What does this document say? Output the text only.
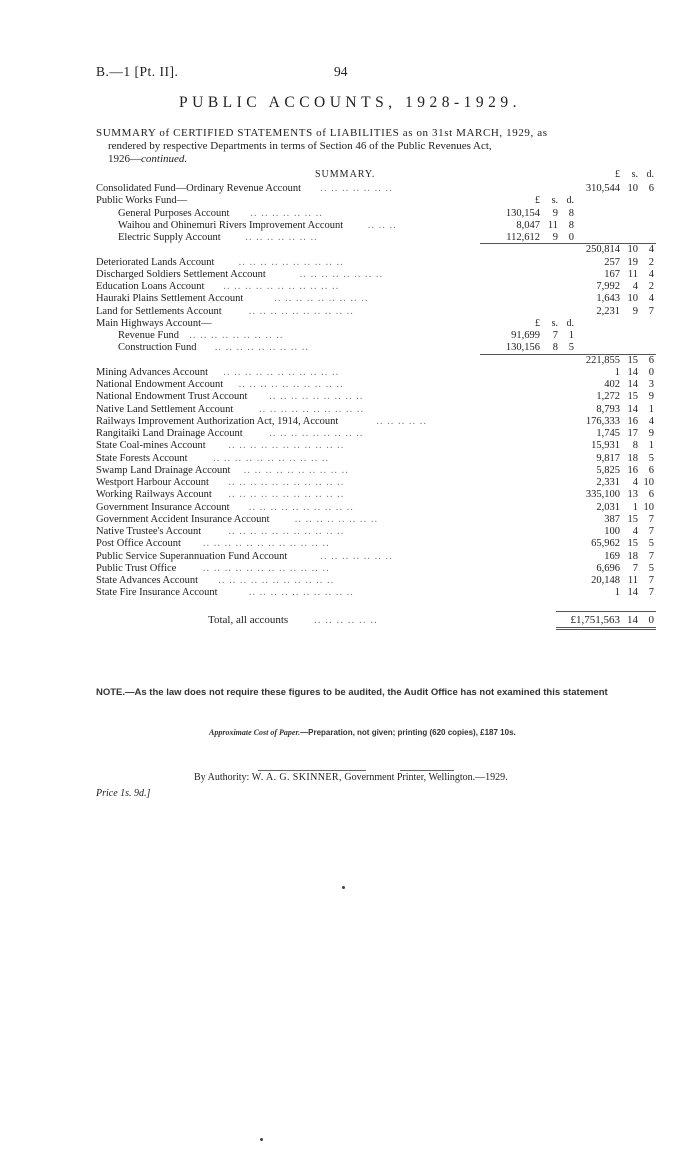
B.—1 [Pt. II].	94
PUBLIC ACCOUNTS, 1928-1929.
SUMMARY of CERTIFIED STATEMENTS of LIABILITIES as on 31st MARCH, 1929, as
rendered by respective Departments in terms of Section 46 of the Public Revenues Act,
1926—continued.
SUMMARY.	£	s. d.
Consolidated Fund—Ordinary Revenue Account .. .. .. .. .. .. ..	310,544 10	6
Public Works Fund—
General Purposes Account .. .. .. .. .. .. ..	130,154	9	8
Waihou and Ohinemuri Rivers Improvement Account .. .. ..	8,047 11	8
Electric Supply Account .. .. .. .. .. .. ..	112,612	9	0
250,814 10	4
Deteriorated Lands Account .. .. .. .. .. .. .. .. .. ..	257 19	2
Discharged Soldiers Settlement Account	.. .. .. .. .. .. .. ..	167 11	4
Education Loans Account .. .. .. .. .. .. .. .. .. .. ..	7,992	4	2
Hauraki Plains Settlement Account	.. .. .. .. .. .. .. .. ..	1,643 10	4
Land for Settlements Account	.. .. .. .. .. .. .. .. .. ..	2,231	9	7
Main Highways Account—
Revenue Fund .. .. .. .. .. .. .. .. ..	91,699	7	1
Construction Fund .. .. .. .. .. .. .. .. ..	130,156	8	5
221,855 15	6
Mining Advances Account .. .. .. .. .. .. .. .. .. .. ..	1 14	0
National Endowment Account .. .. .. .. .. .. .. .. .. ..	402 14	3
National Endowment Trust Account .. .. .. .. .. .. .. .. ..	1,272 15	9
Native Land Settlement Account .. .. .. .. .. .. .. .. .. ..	8,793 14	1
Railways Improvement Authorization Act, 1914, Account	.. .. .. .. ..	176,333 16	4
Rangitaiki Land Drainage Account	.. .. .. .. .. .. .. .. ..	1,745 17	9
State Coal-mines Account .. .. .. .. .. .. .. .. .. .. ..	15,931	8	1
State Forests Account .. .. .. .. .. .. .. .. .. .. ..	9,817 18	5
Swamp Land Drainage Account .. .. .. .. .. .. .. .. .. ..	5,825 16	6
Westport Harbour Account .. .. .. .. .. .. .. .. .. .. ..	2,331	4 10
Working Railways Account .. .. .. .. .. .. .. .. .. .. ..	335,100 13	6
Government Insurance Account .. .. .. .. .. .. .. .. .. ..	2,031	1 10
Government Accident Insurance Account .. .. .. .. .. .. .. ..	387 15	7
Native Trustee's Account	.. .. .. .. .. .. .. .. .. .. ..	100	4	7
Post Office Account .. .. .. .. .. .. .. .. .. .. .. ..	65,962 15	5
Public Service Superannuation Fund Account	.. .. .. .. .. .. ..	169 18	7
Public Trust Office	.. .. .. .. .. .. .. .. .. .. .. ..	6,696	7	5
State Advances Account .. .. .. .. .. .. .. .. .. .. ..	20,148 11	7
State Fire Insurance Account	.. .. .. .. .. .. .. .. .. ..	1 14	7
£	s. d.
£	s. d.
Total, all accounts .. .. .. .. .. ..	£1,751,563 14 0
NOTE.—As the law does not require these figures to be audited, the Audit Office has not examined this statement
Approximate Cost of Paper.—Preparation, not given; printing (620 copies), £187 10s.
By Authority: W. A. G. SKINNER, Government Printer, Wellington.—1929.
Price 1s. 9d.]
